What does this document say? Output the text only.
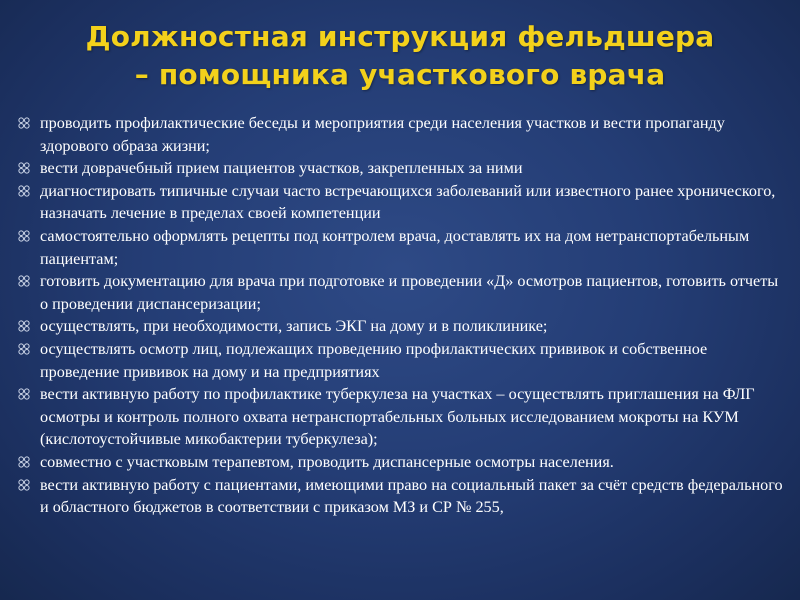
Должностная инструкция фельдшера
– помощника участкового врача
проводить профилактические беседы и мероприятия среди населения участков и вести пропаганду здорового образа жизни;
вести доврачебный прием пациентов участков, закрепленных за ними
диагностировать типичные случаи часто встречающихся заболеваний или известного ранее хронического, назначать лечение в пределах своей компетенции
самостоятельно оформлять рецепты под контролем врача, доставлять их на дом нетранспортабельным пациентам;
готовить документацию для врача при подготовке и проведении «Д» осмотров пациентов, готовить отчеты о проведении диспансеризации;
осуществлять, при необходимости, запись ЭКГ на дому и в поликлинике;
осуществлять осмотр лиц, подлежащих проведению профилактических прививок и собственное проведение прививок на дому и на предприятиях
вести активную работу по профилактике туберкулеза на участках – осуществлять приглашения на ФЛГ осмотры и контроль полного охвата нетранспортабельных больных исследованием мокроты на КУМ (кислотоустойчивые микобактерии туберкулеза);
совместно с участковым терапевтом, проводить диспансерные осмотры населения.
вести активную работу с пациентами, имеющими право на социальный пакет за счёт средств федерального и областного бюджетов в соответствии с приказом МЗ и СР № 255,
